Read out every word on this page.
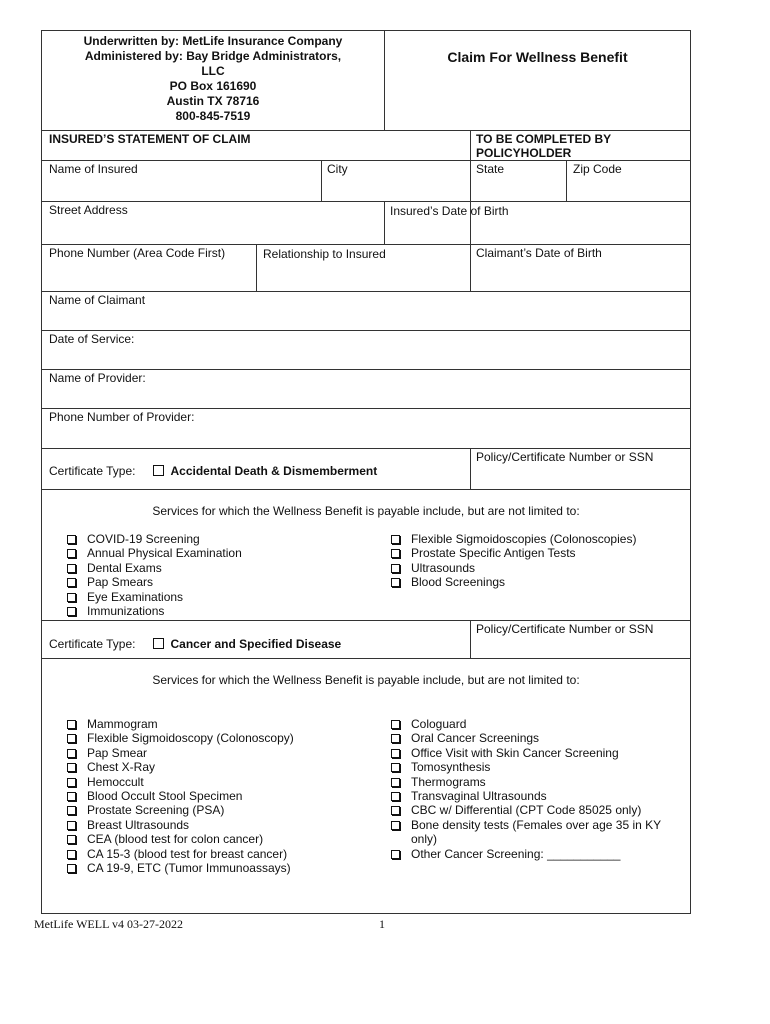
Underwritten by: MetLife Insurance Company
Administered by: Bay Bridge Administrators,
LLC
PO Box 161690
Austin TX 78716
800-845-7519
Claim For Wellness Benefit
INSURED’S STATEMENT OF CLAIM	TO BE COMPLETED BY POLICYHOLDER
Name of Insured	City	State	Zip Code
Street Address	Insured’s Date of Birth
Phone Number (Area Code First)	Relationship to Insured	Claimant’s Date of Birth
Name of Claimant
Date of Service:
Name of Provider:
Phone Number of Provider:
Certificate Type:	Accidental Death & Dismemberment
Policy/Certificate Number or SSN
Services for which the Wellness Benefit is payable include, but are not limited to:
COVID-19 Screening
Annual Physical Examination
Dental Exams
Pap Smears
Eye Examinations
Immunizations
Flexible Sigmoidoscopies (Colonoscopies)
Prostate Specific Antigen Tests
Ultrasounds
Blood Screenings
Certificate Type:	Cancer and Specified Disease
Policy/Certificate Number or SSN
Services for which the Wellness Benefit is payable include, but are not limited to:
Mammogram
Flexible Sigmoidoscopy (Colonoscopy)
Pap Smear
Chest X-Ray
Hemoccult
Blood Occult Stool Specimen
Prostate Screening (PSA)
Breast Ultrasounds
CEA (blood test for colon cancer)
CA 15-3 (blood test for breast cancer)
CA 19-9, ETC (Tumor Immunoassays)
Cologuard
Oral Cancer Screenings
Office Visit with Skin Cancer Screening
Tomosynthesis
Thermograms
Transvaginal Ultrasounds
CBC w/ Differential (CPT Code 85025 only)
Bone density tests (Females over age 35 in KY
only)
Other Cancer Screening: ___________
MetLife WELL v4 03-27-2022	1
